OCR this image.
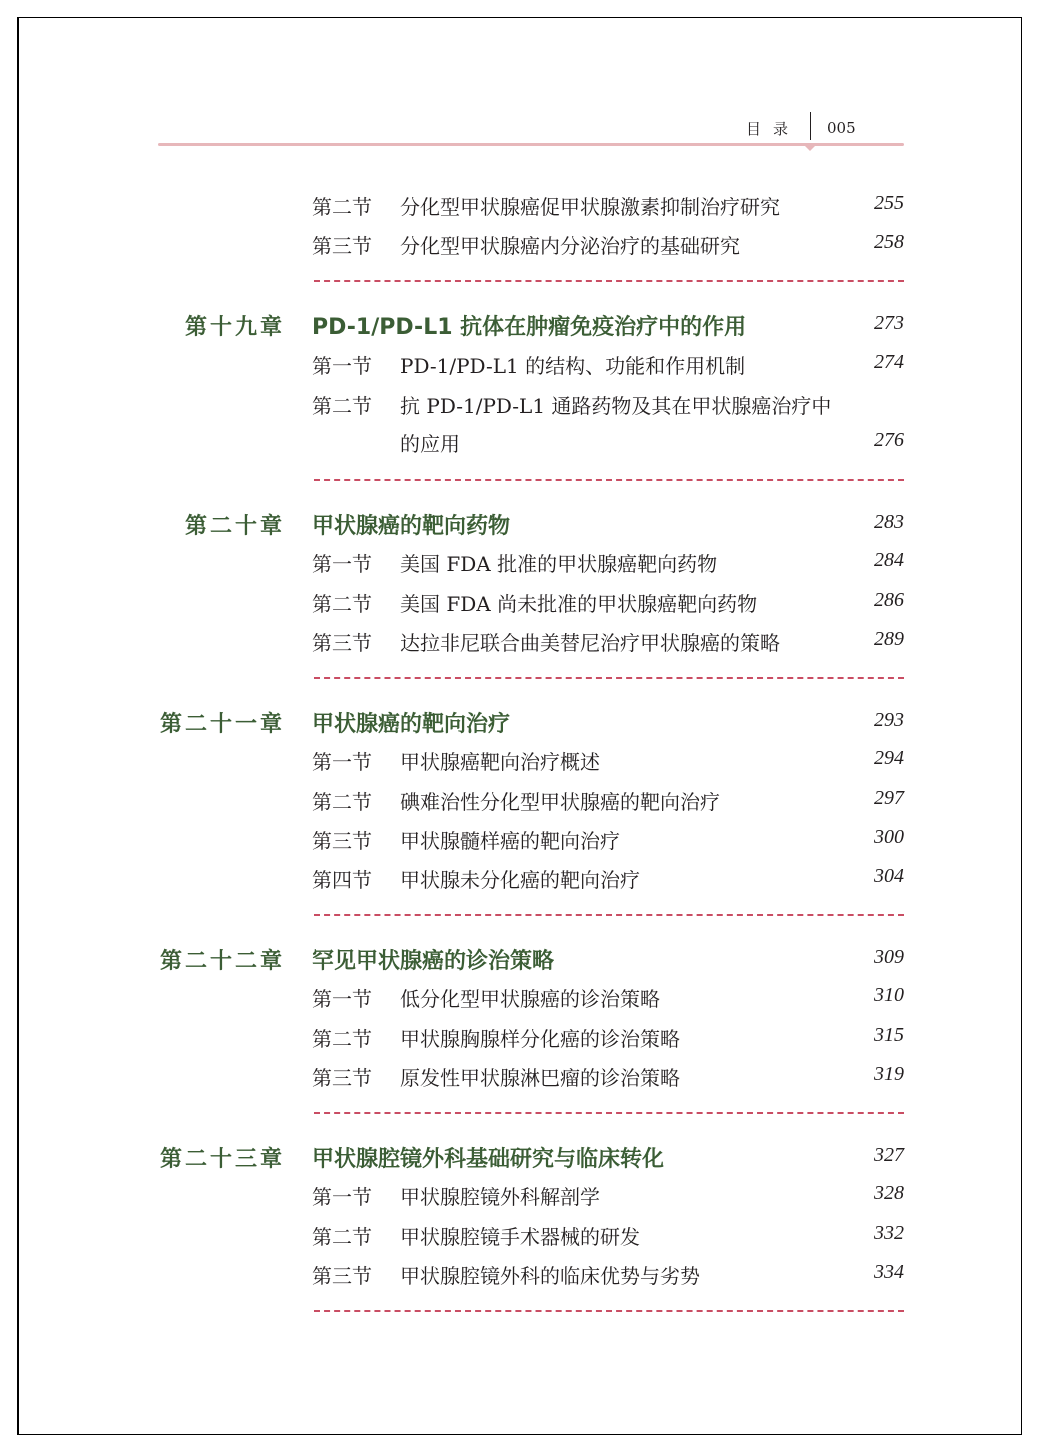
目录 005
第二节 分化型甲状腺癌促甲状腺激素抑制治疗研究	255
第三节 分化型甲状腺癌内分泌治疗的基础研究	258
第十九章 PD-1/PD-L1 抗体在肿瘤免疫治疗中的作用	273
第一节 PD-1/PD-L1 的结构、功能和作用机制	274
第二节 抗 PD-1/PD-L1 通路药物及其在甲状腺癌治疗中
的应用	276
第二十章 甲状腺癌的靶向药物	283
第一节 美国 FDA 批准的甲状腺癌靶向药物	284
第二节 美国 FDA 尚未批准的甲状腺癌靶向药物	286
第三节 达拉非尼联合曲美替尼治疗甲状腺癌的策略	289
第二十一章 甲状腺癌的靶向治疗	293
第一节 甲状腺癌靶向治疗概述	294
第二节 碘难治性分化型甲状腺癌的靶向治疗	297
第三节 甲状腺髓样癌的靶向治疗	300
第四节 甲状腺未分化癌的靶向治疗	304
第二十二章 罕见甲状腺癌的诊治策略	309
第一节 低分化型甲状腺癌的诊治策略	310
第二节 甲状腺胸腺样分化癌的诊治策略	315
第三节 原发性甲状腺淋巴瘤的诊治策略	319
第二十三章 甲状腺腔镜外科基础研究与临床转化	327
第一节 甲状腺腔镜外科解剖学	328
第二节 甲状腺腔镜手术器械的研发	332
第三节 甲状腺腔镜外科的临床优势与劣势	334
